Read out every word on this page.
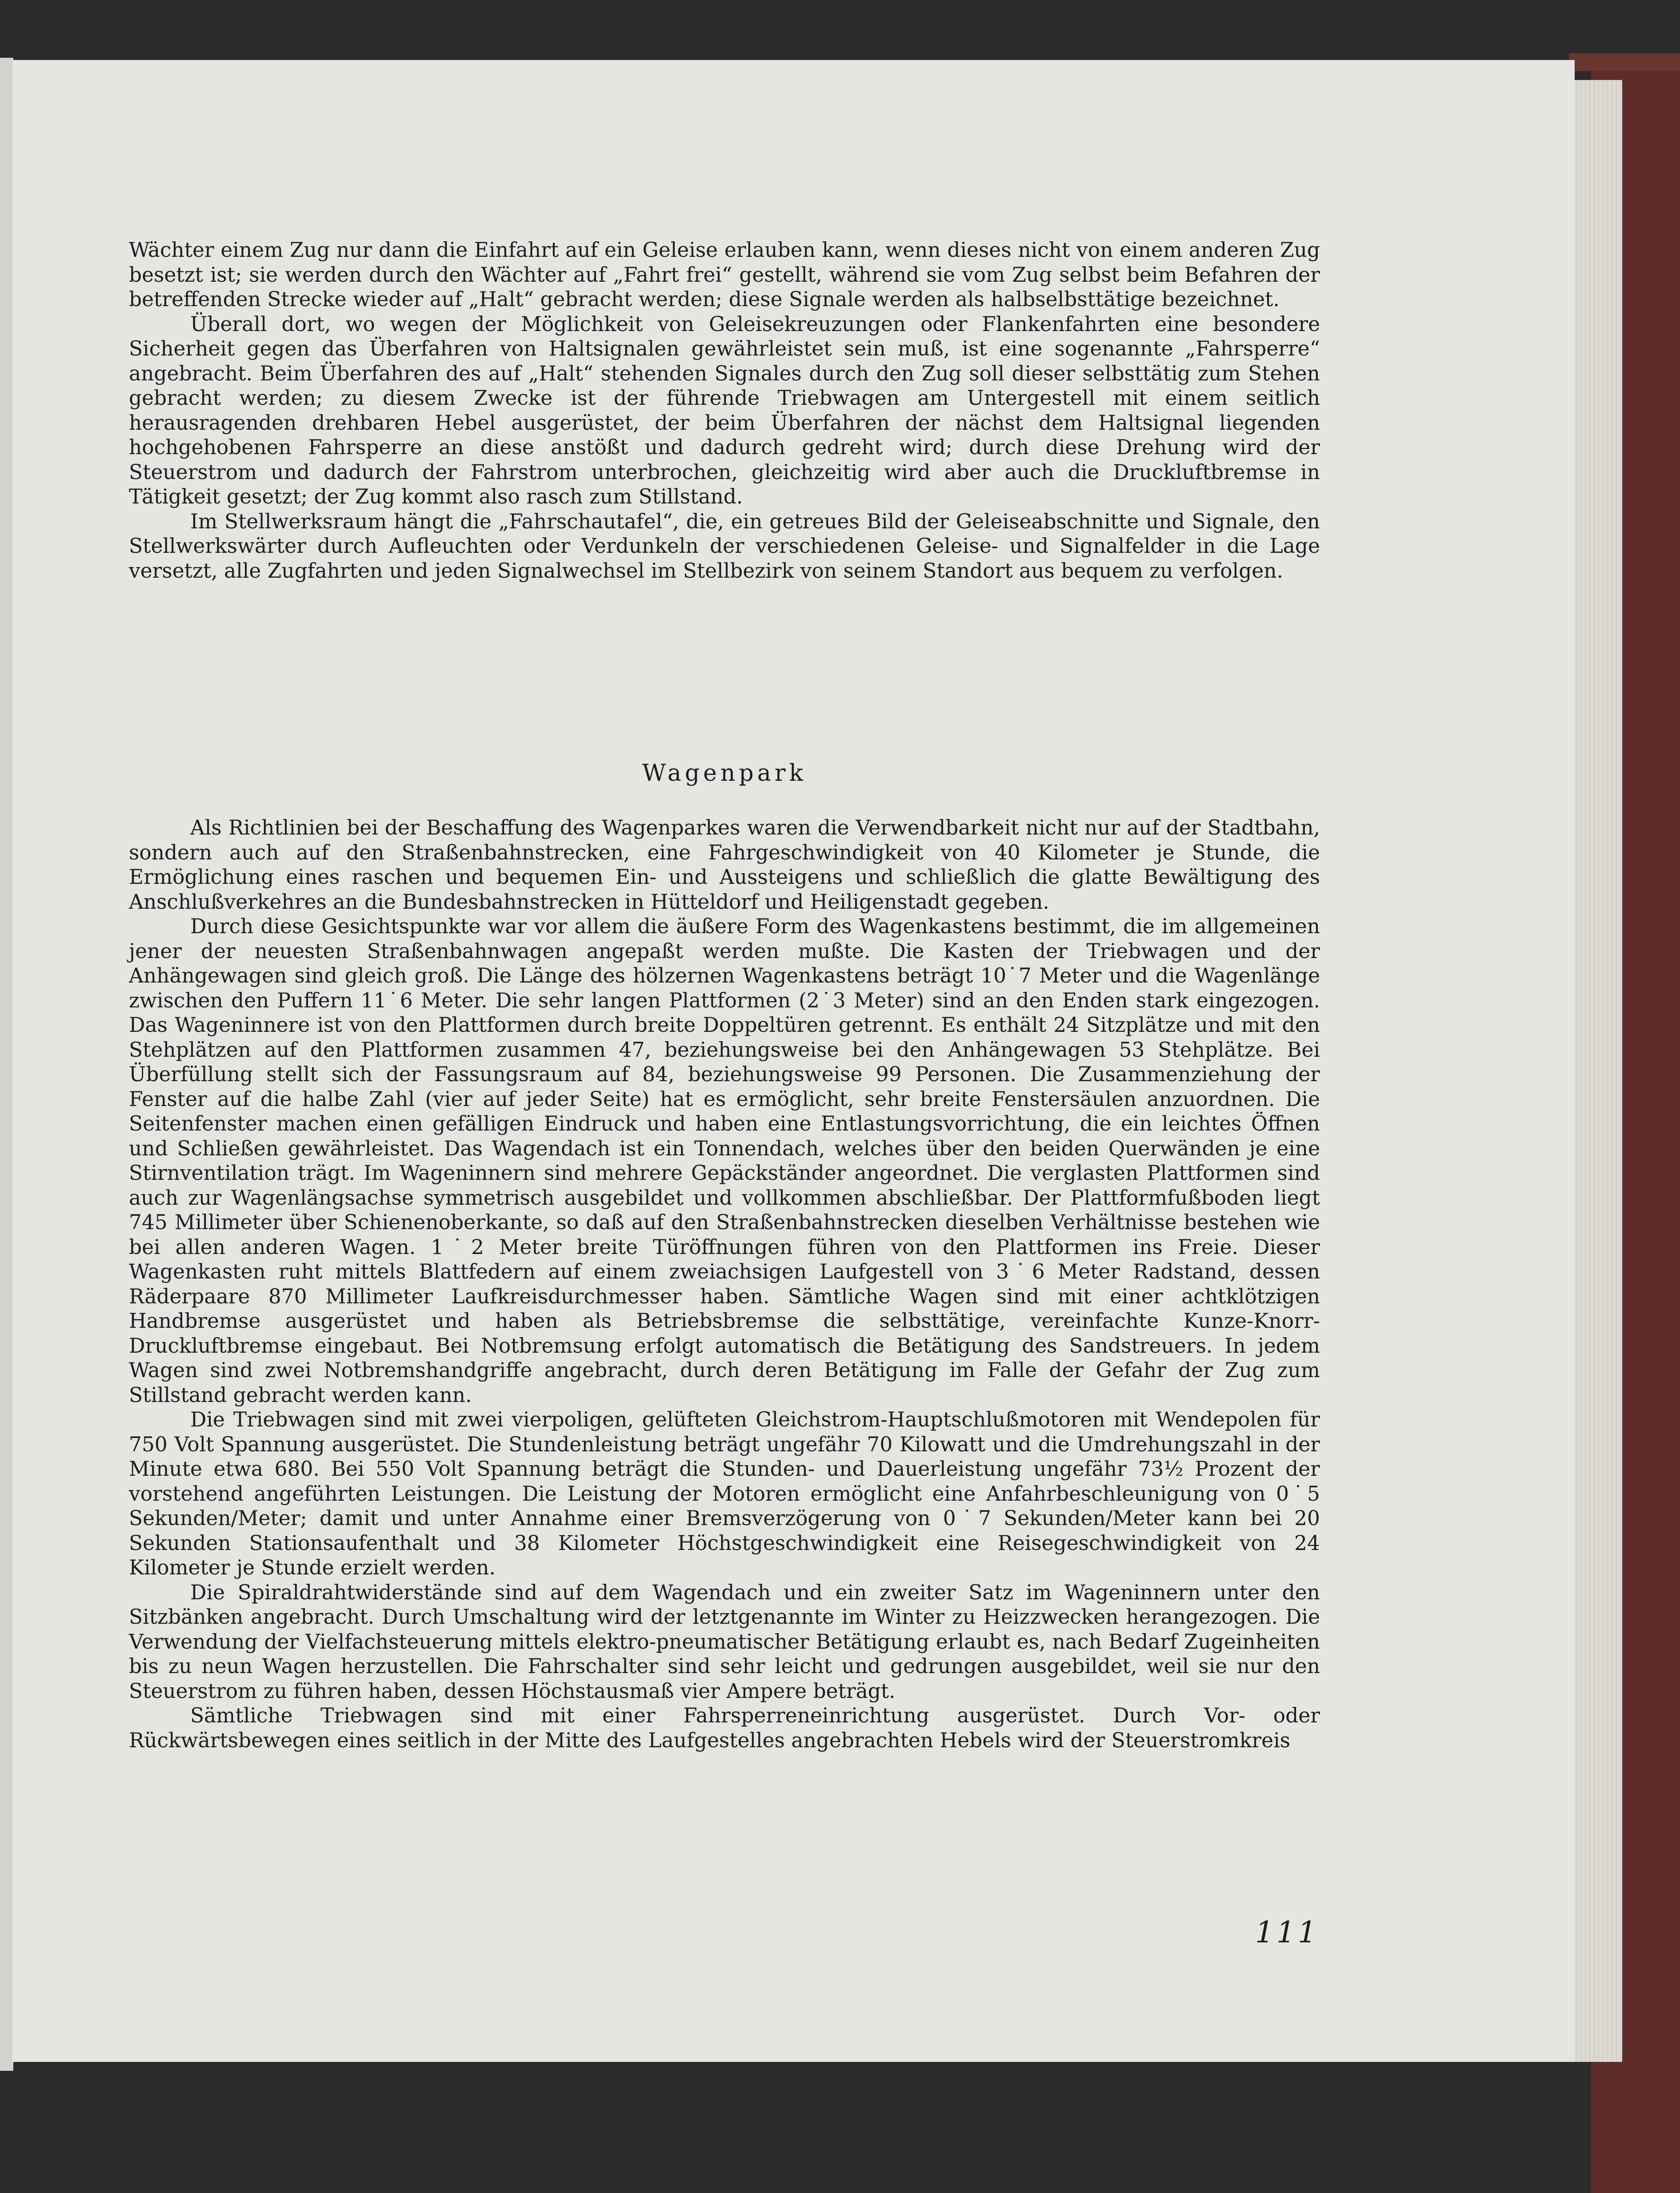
Wächter einem Zug nur dann die Einfahrt auf ein Geleise erlauben kann, wenn dieses nicht von einem anderen Zug besetzt ist; sie werden durch den Wächter auf „Fahrt frei“ gestellt, während sie vom Zug selbst beim Befahren der betreffenden Strecke wieder auf „Halt“ gebracht werden; diese Signale werden als halbselbsttätige bezeichnet.

Überall dort, wo wegen der Möglichkeit von Geleisekreuzungen oder Flankenfahrten eine besondere Sicherheit gegen das Überfahren von Haltsignalen gewährleistet sein muß, ist eine sogenannte „Fahrsperre“ angebracht. Beim Überfahren des auf „Halt“ stehenden Signales durch den Zug soll dieser selbsttätig zum Stehen gebracht werden; zu diesem Zwecke ist der führende Triebwagen am Untergestell mit einem seitlich herausragenden drehbaren Hebel ausgerüstet, der beim Überfahren der nächst dem Haltsignal liegenden hochgehobenen Fahrsperre an diese anstößt und dadurch gedreht wird; durch diese Drehung wird der Steuerstrom und dadurch der Fahrstrom unterbrochen, gleichzeitig wird aber auch die Druckluftbremse in Tätigkeit gesetzt; der Zug kommt also rasch zum Stillstand.

Im Stellwerksraum hängt die „Fahrschautafel“, die, ein getreues Bild der Geleiseabschnitte und Signale, den Stellwerkswärter durch Aufleuchten oder Verdunkeln der verschiedenen Geleise- und Signalfelder in die Lage versetzt, alle Zugfahrten und jeden Signalwechsel im Stellbezirk von seinem Standort aus bequem zu verfolgen.

Wagenpark

Als Richtlinien bei der Beschaffung des Wagenparkes waren die Verwendbarkeit nicht nur auf der Stadtbahn, sondern auch auf den Straßenbahnstrecken, eine Fahrgeschwindigkeit von 40 Kilometer je Stunde, die Ermöglichung eines raschen und bequemen Ein- und Aussteigens und schließlich die glatte Bewältigung des Anschlußverkehres an die Bundesbahnstrecken in Hütteldorf und Heiligenstadt gegeben.

Durch diese Gesichtspunkte war vor allem die äußere Form des Wagenkastens bestimmt, die im allgemeinen jener der neuesten Straßenbahnwagen angepaßt werden mußte. Die Kasten der Triebwagen und der Anhängewagen sind gleich groß. Die Länge des hölzernen Wagenkastens beträgt 10˙7 Meter und die Wagenlänge zwischen den Puffern 11˙6 Meter. Die sehr langen Plattformen (2˙3 Meter) sind an den Enden stark eingezogen. Das Wageninnere ist von den Plattformen durch breite Doppeltüren getrennt. Es enthält 24 Sitzplätze und mit den Stehplätzen auf den Plattformen zusammen 47, beziehungsweise bei den Anhängewagen 53 Stehplätze. Bei Überfüllung stellt sich der Fassungsraum auf 84, beziehungsweise 99 Personen. Die Zusammenziehung der Fenster auf die halbe Zahl (vier auf jeder Seite) hat es ermöglicht, sehr breite Fenstersäulen anzuordnen. Die Seitenfenster machen einen gefälligen Eindruck und haben eine Entlastungsvorrichtung, die ein leichtes Öffnen und Schließen gewährleistet. Das Wagendach ist ein Tonnendach, welches über den beiden Querwänden je eine Stirnventilation trägt. Im Wageninnern sind mehrere Gepäckständer angeordnet. Die verglasten Plattformen sind auch zur Wagenlängsachse symmetrisch ausgebildet und vollkommen abschließbar. Der Plattformfußboden liegt 745 Millimeter über Schienenoberkante, so daß auf den Straßenbahnstrecken dieselben Verhältnisse bestehen wie bei allen anderen Wagen. 1˙2 Meter breite Türöffnungen führen von den Plattformen ins Freie. Dieser Wagenkasten ruht mittels Blattfedern auf einem zweiachsigen Laufgestell von 3˙6 Meter Radstand, dessen Räderpaare 870 Millimeter Laufkreisdurchmesser haben. Sämtliche Wagen sind mit einer achtklötzigen Handbremse ausgerüstet und haben als Betriebsbremse die selbsttätige, vereinfachte Kunze-Knorr-Druckluftbremse eingebaut. Bei Notbremsung erfolgt automatisch die Betätigung des Sandstreuers. In jedem Wagen sind zwei Notbremshandgriffe angebracht, durch deren Betätigung im Falle der Gefahr der Zug zum Stillstand gebracht werden kann.

Die Triebwagen sind mit zwei vierpoligen, gelüfteten Gleichstrom-Hauptschlußmotoren mit Wendepolen für 750 Volt Spannung ausgerüstet. Die Stundenleistung beträgt ungefähr 70 Kilowatt und die Umdrehungszahl in der Minute etwa 680. Bei 550 Volt Spannung beträgt die Stunden- und Dauerleistung ungefähr 73½ Prozent der vorstehend angeführten Leistungen. Die Leistung der Motoren ermöglicht eine Anfahrbeschleunigung von 0˙5 Sekunden/Meter; damit und unter Annahme einer Bremsverzögerung von 0˙7 Sekunden/Meter kann bei 20 Sekunden Stationsaufenthalt und 38 Kilometer Höchstgeschwindigkeit eine Reisegeschwindigkeit von 24 Kilometer je Stunde erzielt werden.

Die Spiraldrahtwiderstände sind auf dem Wagendach und ein zweiter Satz im Wageninnern unter den Sitzbänken angebracht. Durch Umschaltung wird der letztgenannte im Winter zu Heizzwecken herangezogen. Die Verwendung der Vielfachsteuerung mittels elektro-pneumatischer Betätigung erlaubt es, nach Bedarf Zugeinheiten bis zu neun Wagen herzustellen. Die Fahrschalter sind sehr leicht und gedrungen ausgebildet, weil sie nur den Steuerstrom zu führen haben, dessen Höchstausmaß vier Ampere beträgt.

Sämtliche Triebwagen sind mit einer Fahrsperreneinrichtung ausgerüstet. Durch Vor- oder Rückwärtsbewegen eines seitlich in der Mitte des Laufgestelles angebrachten Hebels wird der Steuerstromkreis

111
